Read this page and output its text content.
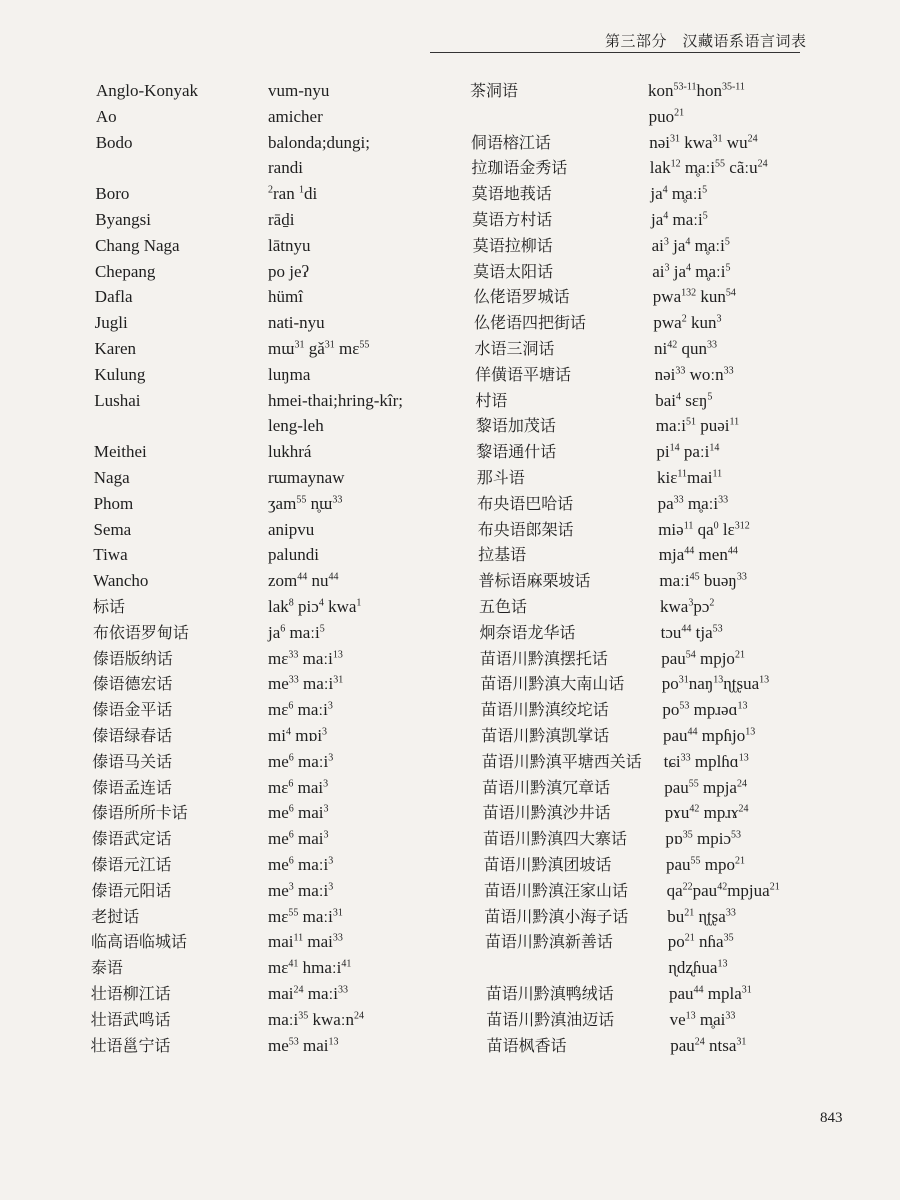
第三部分　汉藏语系语言词表
Anglo-Konyak
Ao
Bodo
Boro
Byangsi
Chang Naga
Chepang
Dafla
Jugli
Karen
Kulung
Lushai
Meithei
Naga
Phom
Sema
Tiwa
Wancho
标话
布依语罗甸话
傣语版纳话
傣语德宏话
傣语金平话
傣语绿春话
傣语马关话
傣语孟连话
傣语所所卡话
傣语武定话
傣语元江话
傣语元阳话
老挝话
临高语临城话
泰语
壮语柳江话
壮语武鸣话
壮语邕宁话
vum-nyu
amicher
balonda;dungi;
randi
$^2$ran $^1$di
rāḏi
lātnyu
po jeʔ
hümî
nati-nyu
mɯ$^{31}$ $gǎ^{31}$ mɛ$^{55}$
luŋma
hmei-thai;hring-kîr;
leng-leh
lukhrá
rɯmaynaw
ʒam$^{55}$ n̥ɯ$^{33}$
anipvu
palundi
zom$^{44}$ $nu^{44}$
lak$^8$ piɔ$^4$ kwa$^1$
$ja^6$ maːi$^5$
mɛ$^{33}$ maːi$^{13}$
$me^{33}$ maːi$^{31}$
mɛ$^6$ maːi$^3$
$mi^4$ mɒi$^3$
$me^6$ maːi$^3$
mɛ$^6$ mai$^3$
$me^6$ mai$^3$
$me^6$ mai$^3$
$me^6$ maːi$^3$
$me^3$ maːi$^3$
mɛ$^{55}$ maːi$^{31}$
mai$^{11}$ mai$^{33}$
mɛ$^{41}$ hmaːi$^{41}$
mai$^{24}$ maːi$^{33}$
maːi$^{35}$ kwaːn$^{24}$
$me^{53}$ mai$^{13}$
茶洞语
侗语榕江话
拉珈语金秀话
莫语地莪话
莫语方村话
莫语拉柳话
莫语太阳话
仫佬语罗城话
仫佬语四把街话
水语三洞话
佯僙语平塘话
村语
黎语加茂话
黎语通什话
那斗语
布央语巴哈话
布央语郎架话
拉基语
普标语麻栗坡话
五色话
炯奈语龙华话
苗语川黔滇摆托话
苗语川黔滇大南山话
苗语川黔滇绞坨话
苗语川黔滇凯掌话
苗语川黔滇平塘西关话
苗语川黔滇冗章话
苗语川黔滇沙井话
苗语川黔滇四大寨话
苗语川黔滇团坡话
苗语川黔滇汪家山话
苗语川黔滇小海子话
苗语川黔滇新善话
苗语川黔滇鸭绒话
苗语川黔滇油迈话
苗语枫香话
kon$^{53-11}$hon$^{35-11}$
puo$^{21}$
nəi$^{31}$ kwa$^{31}$ $wu^{24}$
lak$^{12}$ m̥aːi$^{55}$ cãːu$^{24}$
$ja^4$ m̥aːi$^5$
$ja^4$ maːi$^5$
$ai^3$ $ja^4$ m̥aːi$^5$
$ai^3$ $ja^4$ m̥aːi$^5$
pwa$^{132}$ kun$^{54}$
pwa$^2$ kun$^3$
$ni^{42}$ qun$^{33}$
nəi$^{33}$ woːn$^{33}$
bai$^4$ sɛŋ$^5$
maːi$^{51}$ puəi$^{11}$
$pi^{14}$ paːi$^{14}$
kiɛ$^{11}$mai$^{11}$
$pa^{33}$ m̥aːi$^{33}$
miə$^{11}$ $qa^0$ lɛ$^{312}$
mja$^{44}$ men$^{44}$
maːi$^{45}$ buəŋ$^{33}$
kwa$^3$pɔ$^2$
tɔu$^{44}$ tja$^{53}$
pau$^{54}$ mpjo$^{21}$
$po^{31}naŋ^{13}ɳʈʂua^{13}$
$po^{53}$ mpɹəɑ$^{13}$
pau$^{44}$ mpɦjo$^{13}$
tɕi$^{33}$ mplɦɑ$^{13}$
pau$^{55}$ mpja$^{24}$
pɤu$^{42}$ mpɹɤ$^{24}$
pɒ$^{35}$ mpiɔ$^{53}$
pau$^{55}$ mpo$^{21}$
$qa^{22}pau^{42}mpjua^{21}$
$bu^{21}$ ɳʈʂa$^{33}$
$po^{21}$ nɦa$^{35}$
ɳdʐɦua$^{13}$
pau$^{44}$ mpla$^{31}$
$ve^{13}$ $m̥ai^{33}$
pau$^{24}$ ntsa$^{31}$
843
